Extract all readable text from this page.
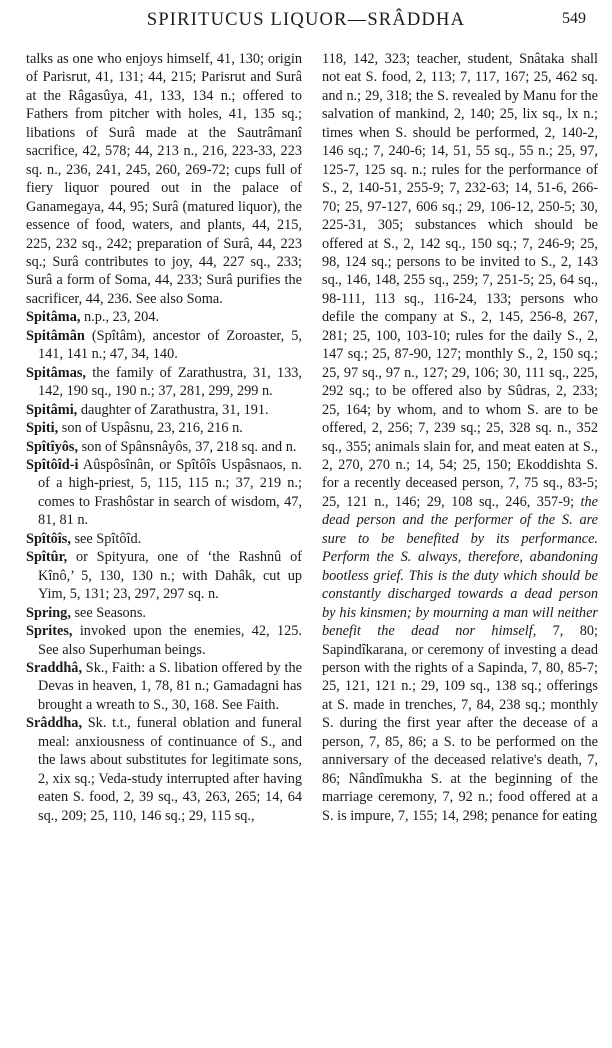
SPIRITUCUS LIQUOR—SRÂDDHA	549

talks as one who enjoys himself, 41, 130; origin of Parisrut, 41, 131; 44, 215; Parisrut and Surâ at the Râgasûya, 41, 133, 134 n.; offered to Fathers from pitcher with holes, 41, 135 sq.; libations of Surâ made at the Sautrâmanî sacrifice, 42, 578; 44, 213 n., 216, 223-33, 223 sq. n., 236, 241, 245, 260, 269-72; cups full of fiery liquor poured out in the palace of Ganamegaya, 44, 95; Surâ (matured liquor), the essence of food, waters, and plants, 44, 215, 225, 232 sq., 242; preparation of Surâ, 44, 223 sq.; Surâ contributes to joy, 44, 227 sq., 233; Surâ a form of Soma, 44, 233; Surâ purifies the sacrificer, 44, 236. See also Soma.

Spitâma, n.p., 23, 204.

Spitâmân (Spîtâm), ancestor of Zoroaster, 5, 141, 141 n.; 47, 34, 140.

Spitâmas, the family of Zarathustra, 31, 133, 142, 190 sq., 190 n.; 37, 281, 299, 299 n.

Spitâmi, daughter of Zarathustra, 31, 191.

Spiti, son of Uspâsnu, 23, 216, 216 n.

Spîtîyôs, son of Spânsnâyôs, 37, 218 sq. and n.

Spîtôîd-i Aûspôsînân, or Spîtôîs Uspâsnaos, n. of a high-priest, 5, 115, 115 n.; 37, 219 n.; comes to Frashôstar in search of wisdom, 47, 81, 81 n.

Spîtôîs, see Spîtôîd.

Spîtûr, or Spityura, one of ‘the Rashnû of Kînô,’ 5, 130, 130 n.; with Dahâk, cut up Yim, 5, 131; 23, 297, 297 sq. n.

Spring, see Seasons.

Sprites, invoked upon the enemies, 42, 125. See also Superhuman beings.

Sraddhâ, Sk., Faith: a S. libation offered by the Devas in heaven, 1, 78, 81 n.; Gamadagni has brought a wreath to S., 30, 168. See Faith.

Srâddha, Sk. t.t., funeral oblation and funeral meal: anxiousness of continuance of S., and the laws about substitutes for legitimate sons, 2, xix sq.; Veda-study interrupted after having eaten S. food, 2, 39 sq., 43, 263, 265; 14, 64 sq., 209; 25, 110, 146 sq.; 29, 115 sq.,

118, 142, 323; teacher, student, Snâtaka shall not eat S. food, 2, 113; 7, 117, 167; 25, 462 sq. and n.; 29, 318; the S. revealed by Manu for the salvation of mankind, 2, 140; 25, lix sq., lx n.; times when S. should be performed, 2, 140-2, 146 sq.; 7, 240-6; 14, 51, 55 sq., 55 n.; 25, 97, 125-7, 125 sq. n.; rules for the performance of S., 2, 140-51, 255-9; 7, 232-63; 14, 51-6, 266-70; 25, 97-127, 606 sq.; 29, 106-12, 250-5; 30, 225-31, 305; substances which should be offered at S., 2, 142 sq., 150 sq.; 7, 246-9; 25, 98, 124 sq.; persons to be invited to S., 2, 143 sq., 146, 148, 255 sq., 259; 7, 251-5; 25, 64 sq., 98-111, 113 sq., 116-24, 133; persons who defile the company at S., 2, 145, 256-8, 267, 281; 25, 100, 103-10; rules for the daily S., 2, 147 sq.; 25, 87-90, 127; monthly S., 2, 150 sq.; 25, 97 sq., 97 n., 127; 29, 106; 30, 111 sq., 225, 292 sq.; to be offered also by Sûdras, 2, 233; 25, 164; by whom, and to whom S. are to be offered, 2, 256; 7, 239 sq.; 25, 328 sq. n., 352 sq., 355; animals slain for, and meat eaten at S., 2, 270, 270 n.; 14, 54; 25, 150; Ekoddishta S. for a recently deceased person, 7, 75 sq., 83-5; 25, 121 n., 146; 29, 108 sq., 246, 357-9; the dead person and the performer of the S. are sure to be benefited by its performance. Perform the S. always, therefore, abandoning bootless grief. This is the duty which should be constantly discharged towards a dead person by his kinsmen; by mourning a man will neither benefit the dead nor himself, 7, 80; Sapindîkarana, or ceremony of investing a dead person with the rights of a Sapinda, 7, 80, 85-7; 25, 121, 121 n.; 29, 109 sq., 138 sq.; offerings at S. made in trenches, 7, 84, 238 sq.; monthly S. during the first year after the decease of a person, 7, 85, 86; a S. to be performed on the anniversary of the deceased relative's death, 7, 86; Nândîmukha S. at the beginning of the marriage ceremony, 7, 92 n.; food offered at a S. is impure, 7, 155; 14, 298; penance for eating
